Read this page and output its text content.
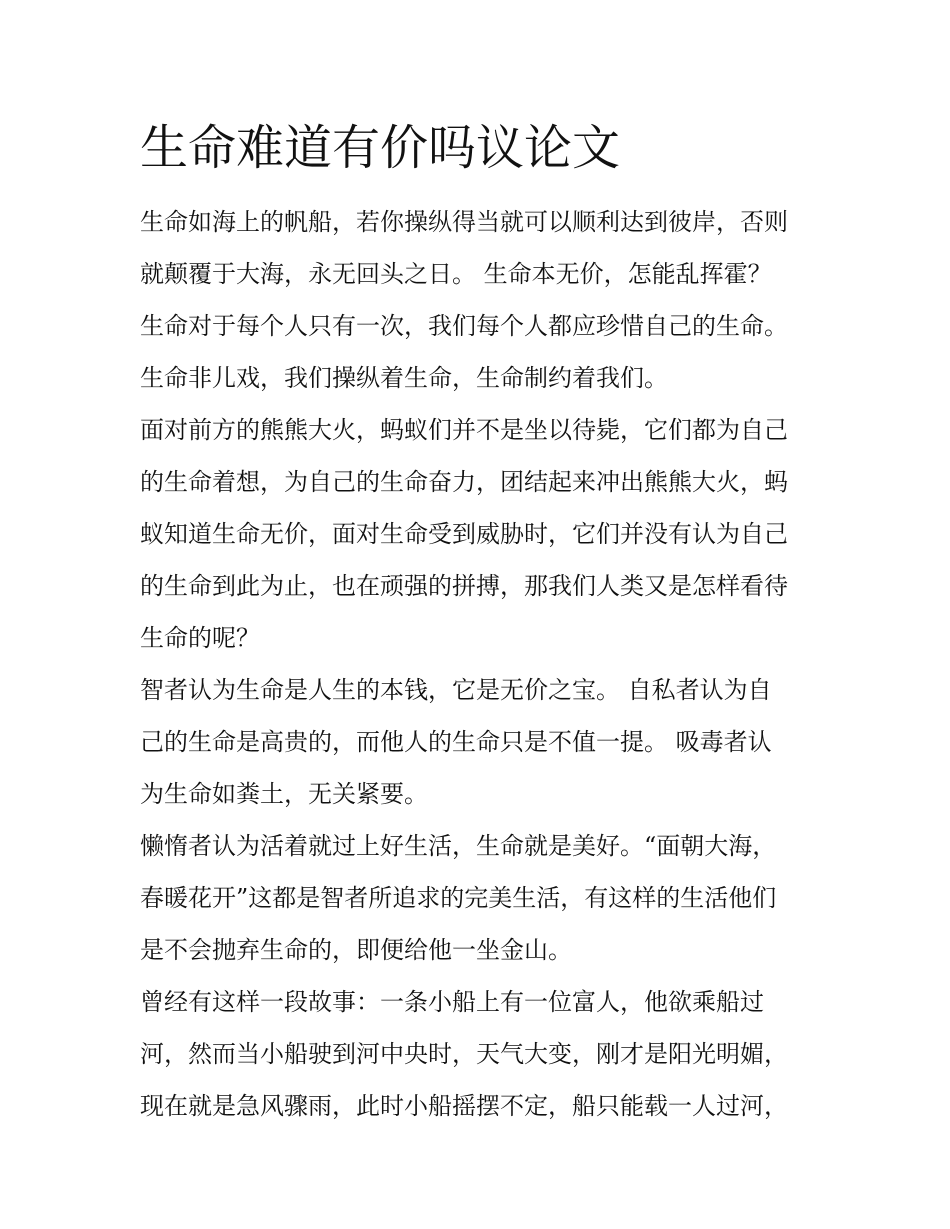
生命难道有价吗议论文
生命如海上的帆船，若你操纵得当就可以顺利达到彼岸，否则
就颠覆于大海，永无回头之日。 生命本无价，怎能乱挥霍？
生命对于每个人只有一次，我们每个人都应珍惜自己的生命。
生命非儿戏，我们操纵着生命，生命制约着我们。
面对前方的熊熊大火，蚂蚁们并不是坐以待毙，它们都为自己
的生命着想，为自己的生命奋力，团结起来冲出熊熊大火，蚂
蚁知道生命无价，面对生命受到威胁时，它们并没有认为自己
的生命到此为止，也在顽强的拼搏，那我们人类又是怎样看待
生命的呢？
智者认为生命是人生的本钱，它是无价之宝。 自私者认为自
己的生命是高贵的，而他人的生命只是不值一提。 吸毒者认
为生命如粪土，无关紧要。
懒惰者认为活着就过上好生活，生命就是美好。“面朝大海，
春暖花开”这都是智者所追求的完美生活，有这样的生活他们
是不会抛弃生命的，即便给他一坐金山。
曾经有这样一段故事：一条小船上有一位富人，他欲乘船过
河，然而当小船驶到河中央时，天气大变，刚才是阳光明媚，
现在就是急风骤雨，此时小船摇摆不定，船只能载一人过河，
